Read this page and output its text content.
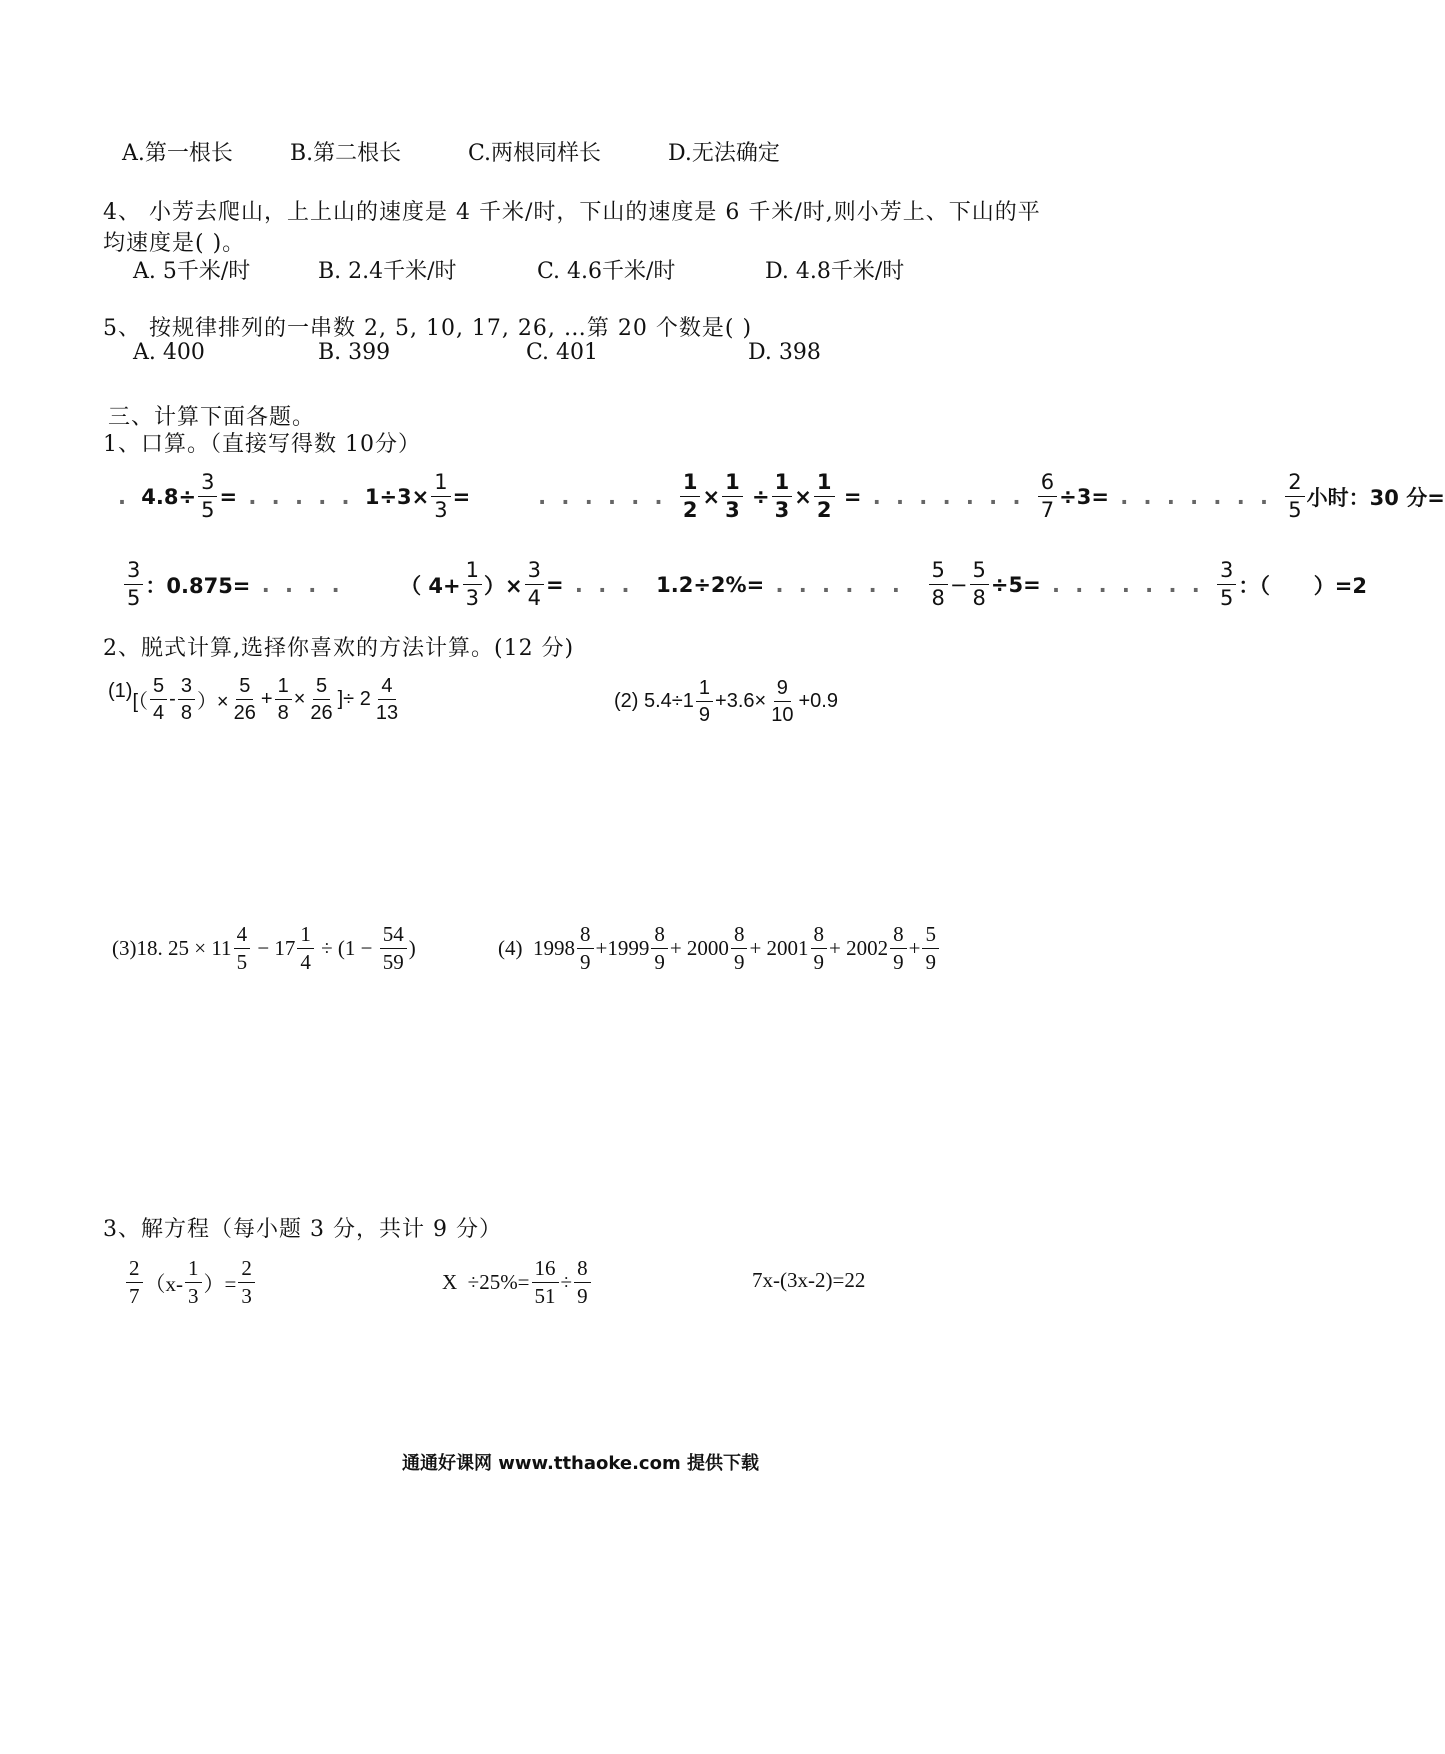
A.第一根长	B.第二根长	C.两根同样长	D.无法确定
4、 小芳去爬山，上上山的速度是 4 千米/时，下山的速度是 6 千米/时,则小芳上、下山的平
均速度是( )。
A. 5千米/时	B. 2.4千米/时	C. 4.6千米/时	D. 4.8千米/时
5、 按规律排列的一串数 2, 5, 10, 17, 26, …第 20 个数是( )
A. 400	B. 399	C. 401	D. 398
三、计算下面各题。
1、口算。（直接写得数 10分）
. $4.8\div \frac{3}{5}$ = . . . . . $1\div 3\times \frac{1}{3}$ = . . . . . . $\frac{1}{2} \times \frac{1}{3}$
÷ $\frac{1}{3} \times \frac{1}{2}$
= . . . . . . . $\frac{6}{7} \div 3=$ . . . . . . . $\frac{2}{5}$ 小时：30 分=
$\frac{3}{5}$ ：0.875= . . . . （ $4+ \frac{1}{3}$ ）× $\frac{3}{4}$ = . . . 1.2÷2%= . . . . . . $\frac{5}{8} - \frac{5}{8} \div 5=$ . . . . . . . $\frac{3}{5}$ ：（      ）=2
2、脱式计算,选择你喜欢的方法计算。(12 分)
(1) [（ $\frac{5}{4} - \frac{3}{8}$ ）× $\frac{5}{26} + \frac{1}{8} \times \frac{5}{26}$ ]÷ $2 \frac{4}{13}$	(2) $5.4\div 1 \frac{1}{9} +3.6\times \frac{9}{10} +0.9$
(3)18. $25 \times 11 \frac{4}{5} - 17 \frac{1}{4} \div (1 - \frac{54}{59}$ )	(4)  $1998 \frac{8}{9} +1999 \frac{8}{9} + 2000 \frac{8}{9} + 2001 \frac{8}{9} + 2002 \frac{8}{9} + \frac{5}{9}$
3、解方程（每小题 3 分，共计 9 分）
$\frac{2}{7} (x- \frac{1}{3}$ ）= $\frac{2}{3}$	$X \div 25\%= \frac{16}{51} \div \frac{8}{9}$	7x-(3x-2)=22
通通好课网 www.tthaoke.com 提供下载
